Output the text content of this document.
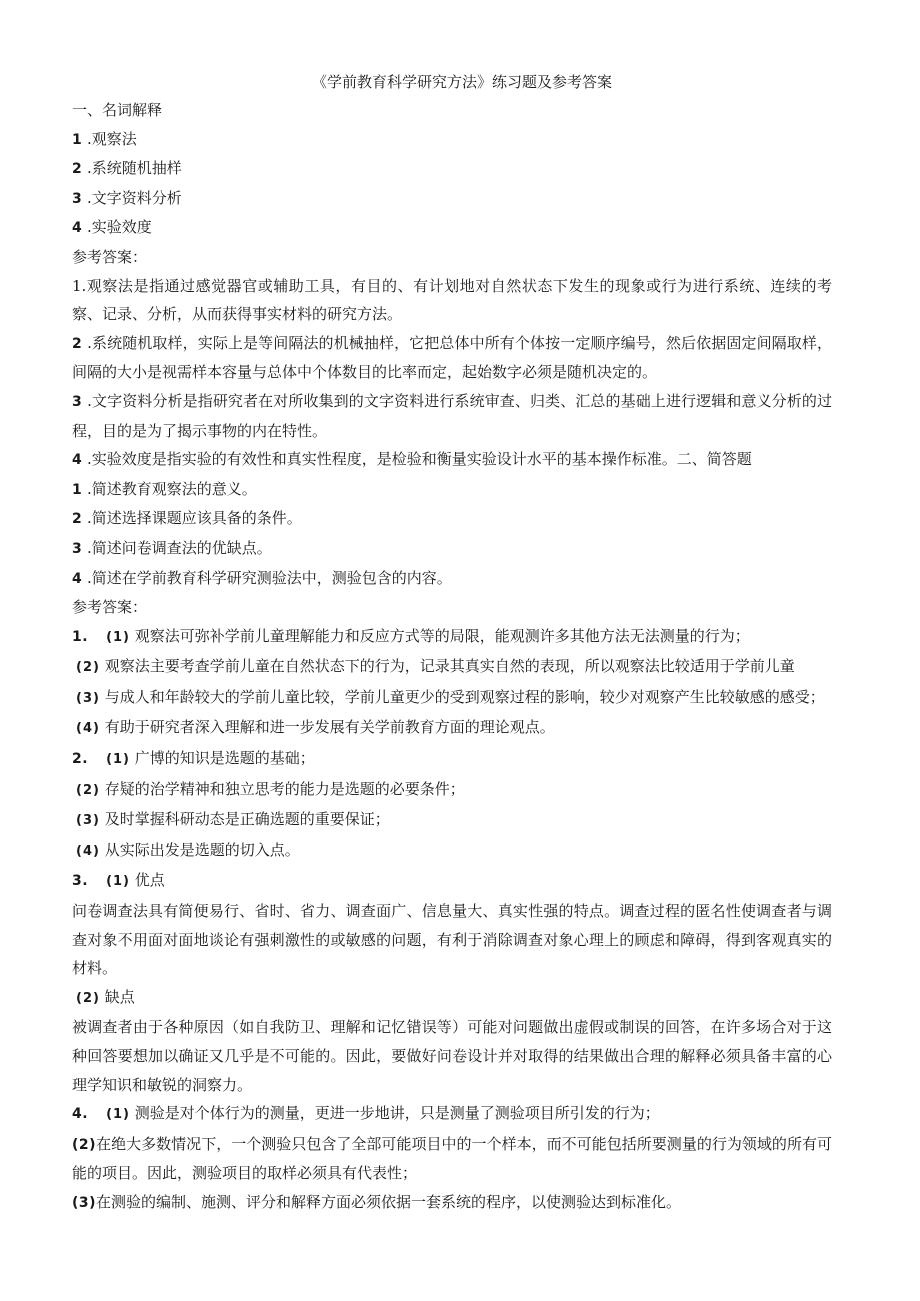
《学前教育科学研究方法》练习题及参考答案

一、名词解释

1 .观察法

2 .系统随机抽样

3 .文字资料分析

4 .实验效度

参考答案：

1.观察法是指通过感觉器官或辅助工具，有目的、有计划地对自然状态下发生的现象或行为进行系统、连续的考察、记录、分析，从而获得事实材料的研究方法。

2 .系统随机取样，实际上是等间隔法的机械抽样，它把总体中所有个体按一定顺序编号，然后依据固定间隔取样，间隔的大小是视需样本容量与总体中个体数目的比率而定，起始数字必须是随机决定的。

3 .文字资料分析是指研究者在对所收集到的文字资料进行系统审查、归类、汇总的基础上进行逻辑和意义分析的过程，目的是为了揭示事物的内在特性。

4 .实验效度是指实验的有效性和真实性程度，是检验和衡量实验设计水平的基本操作标准。二、简答题

1 .简述教育观察法的意义。

2 .简述选择课题应该具备的条件。

3 .简述问卷调查法的优缺点。

4 .简述在学前教育科学研究测验法中，测验包含的内容。

参考答案：

1. (1) 观察法可弥补学前儿童理解能力和反应方式等的局限，能观测许多其他方法无法测量的行为；

(2) 观察法主要考查学前儿童在自然状态下的行为，记录其真实自然的表现，所以观察法比较适用于学前儿童

(3) 与成人和年龄较大的学前儿童比较，学前儿童更少的受到观察过程的影响，较少对观察产生比较敏感的感受；

(4) 有助于研究者深入理解和进一步发展有关学前教育方面的理论观点。

2. (1) 广博的知识是选题的基础；

(2) 存疑的治学精神和独立思考的能力是选题的必要条件；

(3) 及时掌握科研动态是正确选题的重要保证；

(4) 从实际出发是选题的切入点。

3. (1) 优点

问卷调查法具有简便易行、省时、省力、调查面广、信息量大、真实性强的特点。调查过程的匿名性使调查者与调查对象不用面对面地谈论有强刺激性的或敏感的问题，有利于消除调查对象心理上的顾虑和障碍，得到客观真实的材料。

(2) 缺点

被调查者由于各种原因（如自我防卫、理解和记忆错误等）可能对问题做出虚假或制误的回答，在许多场合对于这种回答要想加以确证又几乎是不可能的。因此，要做好问卷设计并对取得的结果做出合理的解释必须具备丰富的心理学知识和敏锐的洞察力。

4. (1) 测验是对个体行为的测量，更进一步地讲，只是测量了测验项目所引发的行为；

(2)在绝大多数情况下，一个测验只包含了全部可能项目中的一个样本，而不可能包括所要测量的行为领域的所有可能的项目。因此，测验项目的取样必须具有代表性；

(3)在测验的编制、施测、评分和解释方面必须依据一套系统的程序，以使测验达到标准化。
